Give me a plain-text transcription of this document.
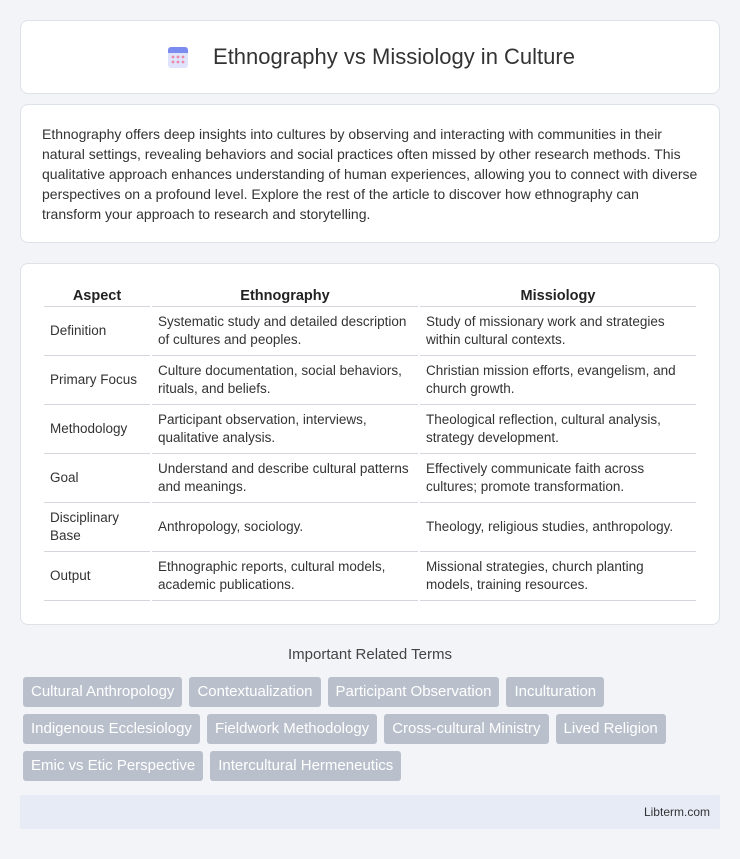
Ethnography vs Missiology in Culture

Ethnography offers deep insights into cultures by observing and interacting with communities in their natural settings, revealing behaviors and social practices often missed by other research methods. This qualitative approach enhances understanding of human experiences, allowing you to connect with diverse perspectives on a profound level. Explore the rest of the article to discover how ethnography can transform your approach to research and storytelling.

Aspect	Ethnography	Missiology
Definition	Systematic study and detailed description of cultures and peoples.	Study of missionary work and strategies within cultural contexts.
Primary Focus	Culture documentation, social behaviors, rituals, and beliefs.	Christian mission efforts, evangelism, and church growth.
Methodology	Participant observation, interviews, qualitative analysis.	Theological reflection, cultural analysis, strategy development.
Goal	Understand and describe cultural patterns and meanings.	Effectively communicate faith across cultures; promote transformation.
Disciplinary Base	Anthropology, sociology.	Theology, religious studies, anthropology.
Output	Ethnographic reports, cultural models, academic publications.	Missional strategies, church planting models, training resources.
Important Related Terms
Cultural Anthropology	Contextualization	Participant Observation	Inculturation
Indigenous Ecclesiology	Fieldwork Methodology	Cross-cultural Ministry	Lived Religion
Emic vs Etic Perspective	Intercultural Hermeneutics
Libterm.com
